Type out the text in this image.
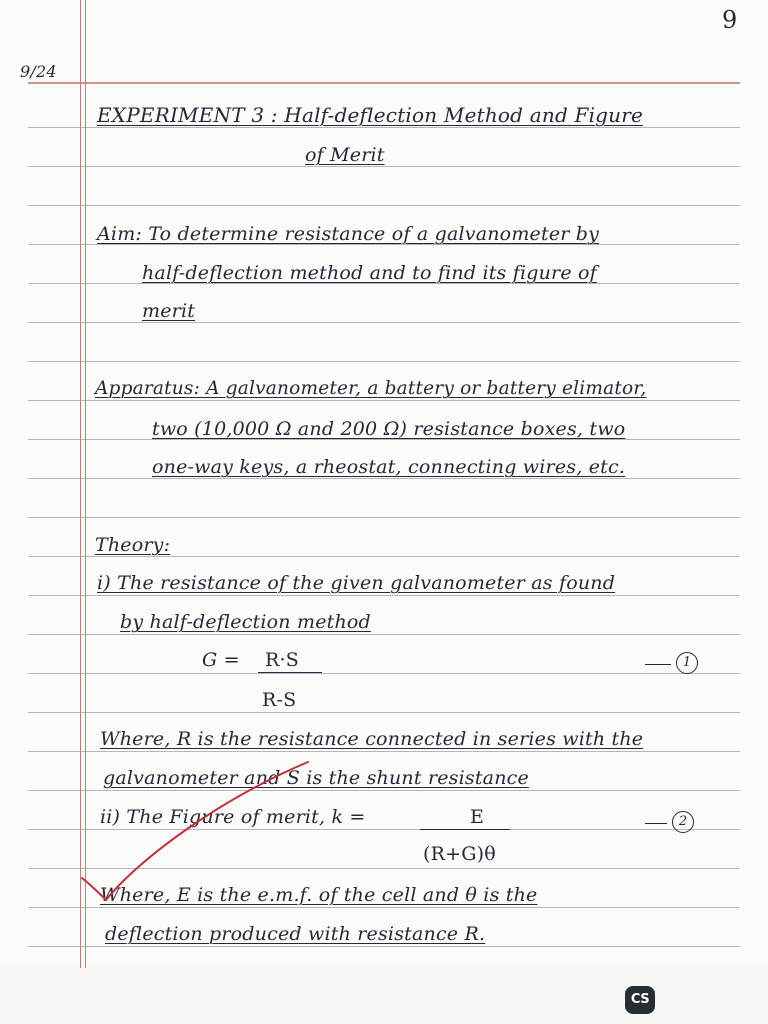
9
9/24
EXPERIMENT 3 : Half-deflection Method and Figure
of Merit
Aim: To determine resistance of a galvanometer by
half-deflection method and to find its figure of
merit
Apparatus: A galvanometer, a battery or battery elimator,
two (10,000 Ω and 200 Ω) resistance boxes, two
one-way keys, a rheostat, connecting wires, etc.
Theory:
i) The resistance of the given galvanometer as found
by half-deflection method
G = R·S
R-S
1
Where, R is the resistance connected in series with the
galvanometer and S is the shunt resistance
ii) The Figure of merit, k =	E
(R+G)θ
2
Where, E is the e.m.f. of the cell and θ is the
deflection produced with resistance R.
CS
